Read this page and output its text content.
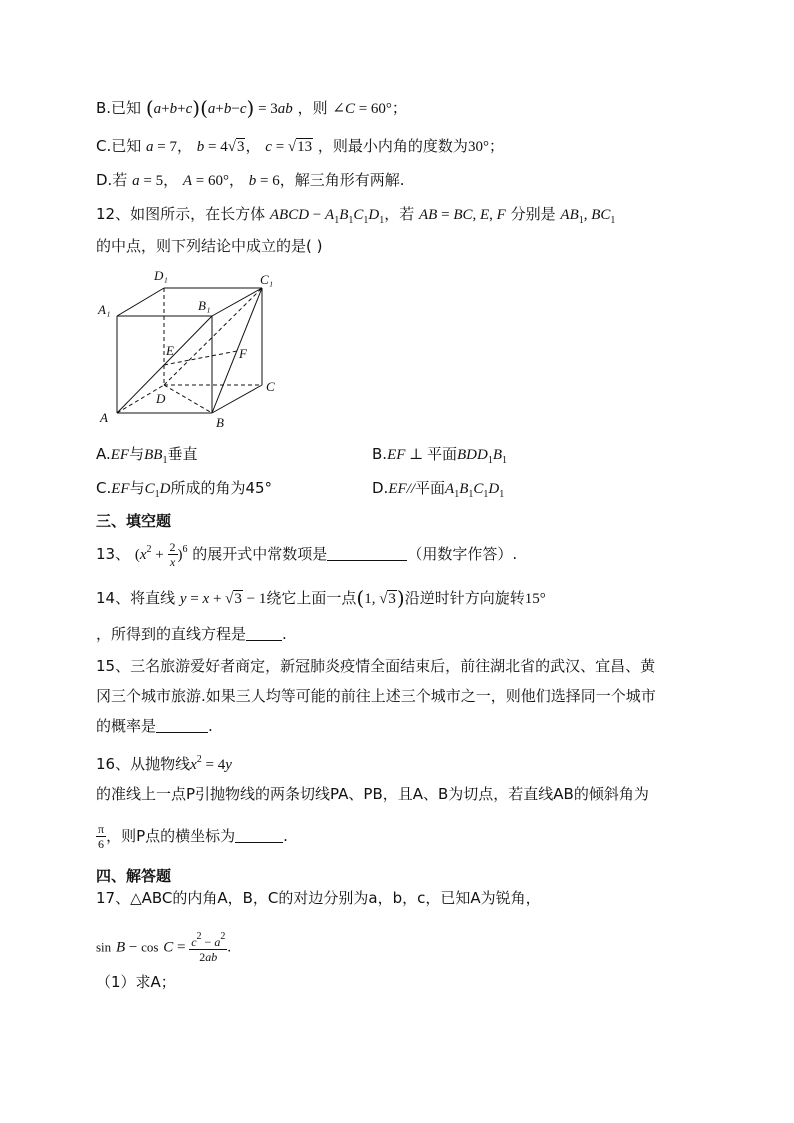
B.已知 (a+b+c)(a+b−c) = 3ab ，则 ∠C = 60°；
C.已知 a = 7， b = 4√3， c = √13 ，则最小内角的度数为30°；
D.若 a = 5， A = 60°， b = 6，解三角形有两解.
12、如图所示，在长方体 ABCD − $A_1B_1C_1D_1$，若 AB = BC, E, F 分别是 $AB_1$, $BC_1$
的中点，则下列结论中成立的是( )
D₁	C₁
A₁	B₁
E	F
D
C
A	B
A.EF与$BB_1$垂直	B.EF ⊥ 平面$BDD_1B_1$
C.EF与$C_1D$所成的角为45°	D.EF//平面$A_1B_1C_1D_1$
三、填空题
13、 $(x^2 + \frac{2}{x} )^6$ 的展开式中常数项是	（用数字作答）.
14、将直线 y = x + √3 − 1绕它上面一点(1, √3)沿逆时针方向旋转15°
，所得到的直线方程是 .
15、三名旅游爱好者商定，新冠肺炎疫情全面结束后，前往湖北省的武汉、宜昌、黄
冈三个城市旅游.如果三人均等可能的前往上述三个城市之一，则他们选择同一个城市
的概率是	.
16、从抛物线$x^2 = 4y$
的准线上一点P引抛物线的两条切线PA、PB，且A、B为切点，若直线AB的倾斜角为
$\frac{\pi}{6}$ ，则P点的横坐标为	.
四、解答题
17、△ABC的内角A，B，C的对边分别为a，b，c，已知A为锐角，
$\sin B - \cos C = \frac{c^2 - a^2}{2ab}$ .
（1）求A；
